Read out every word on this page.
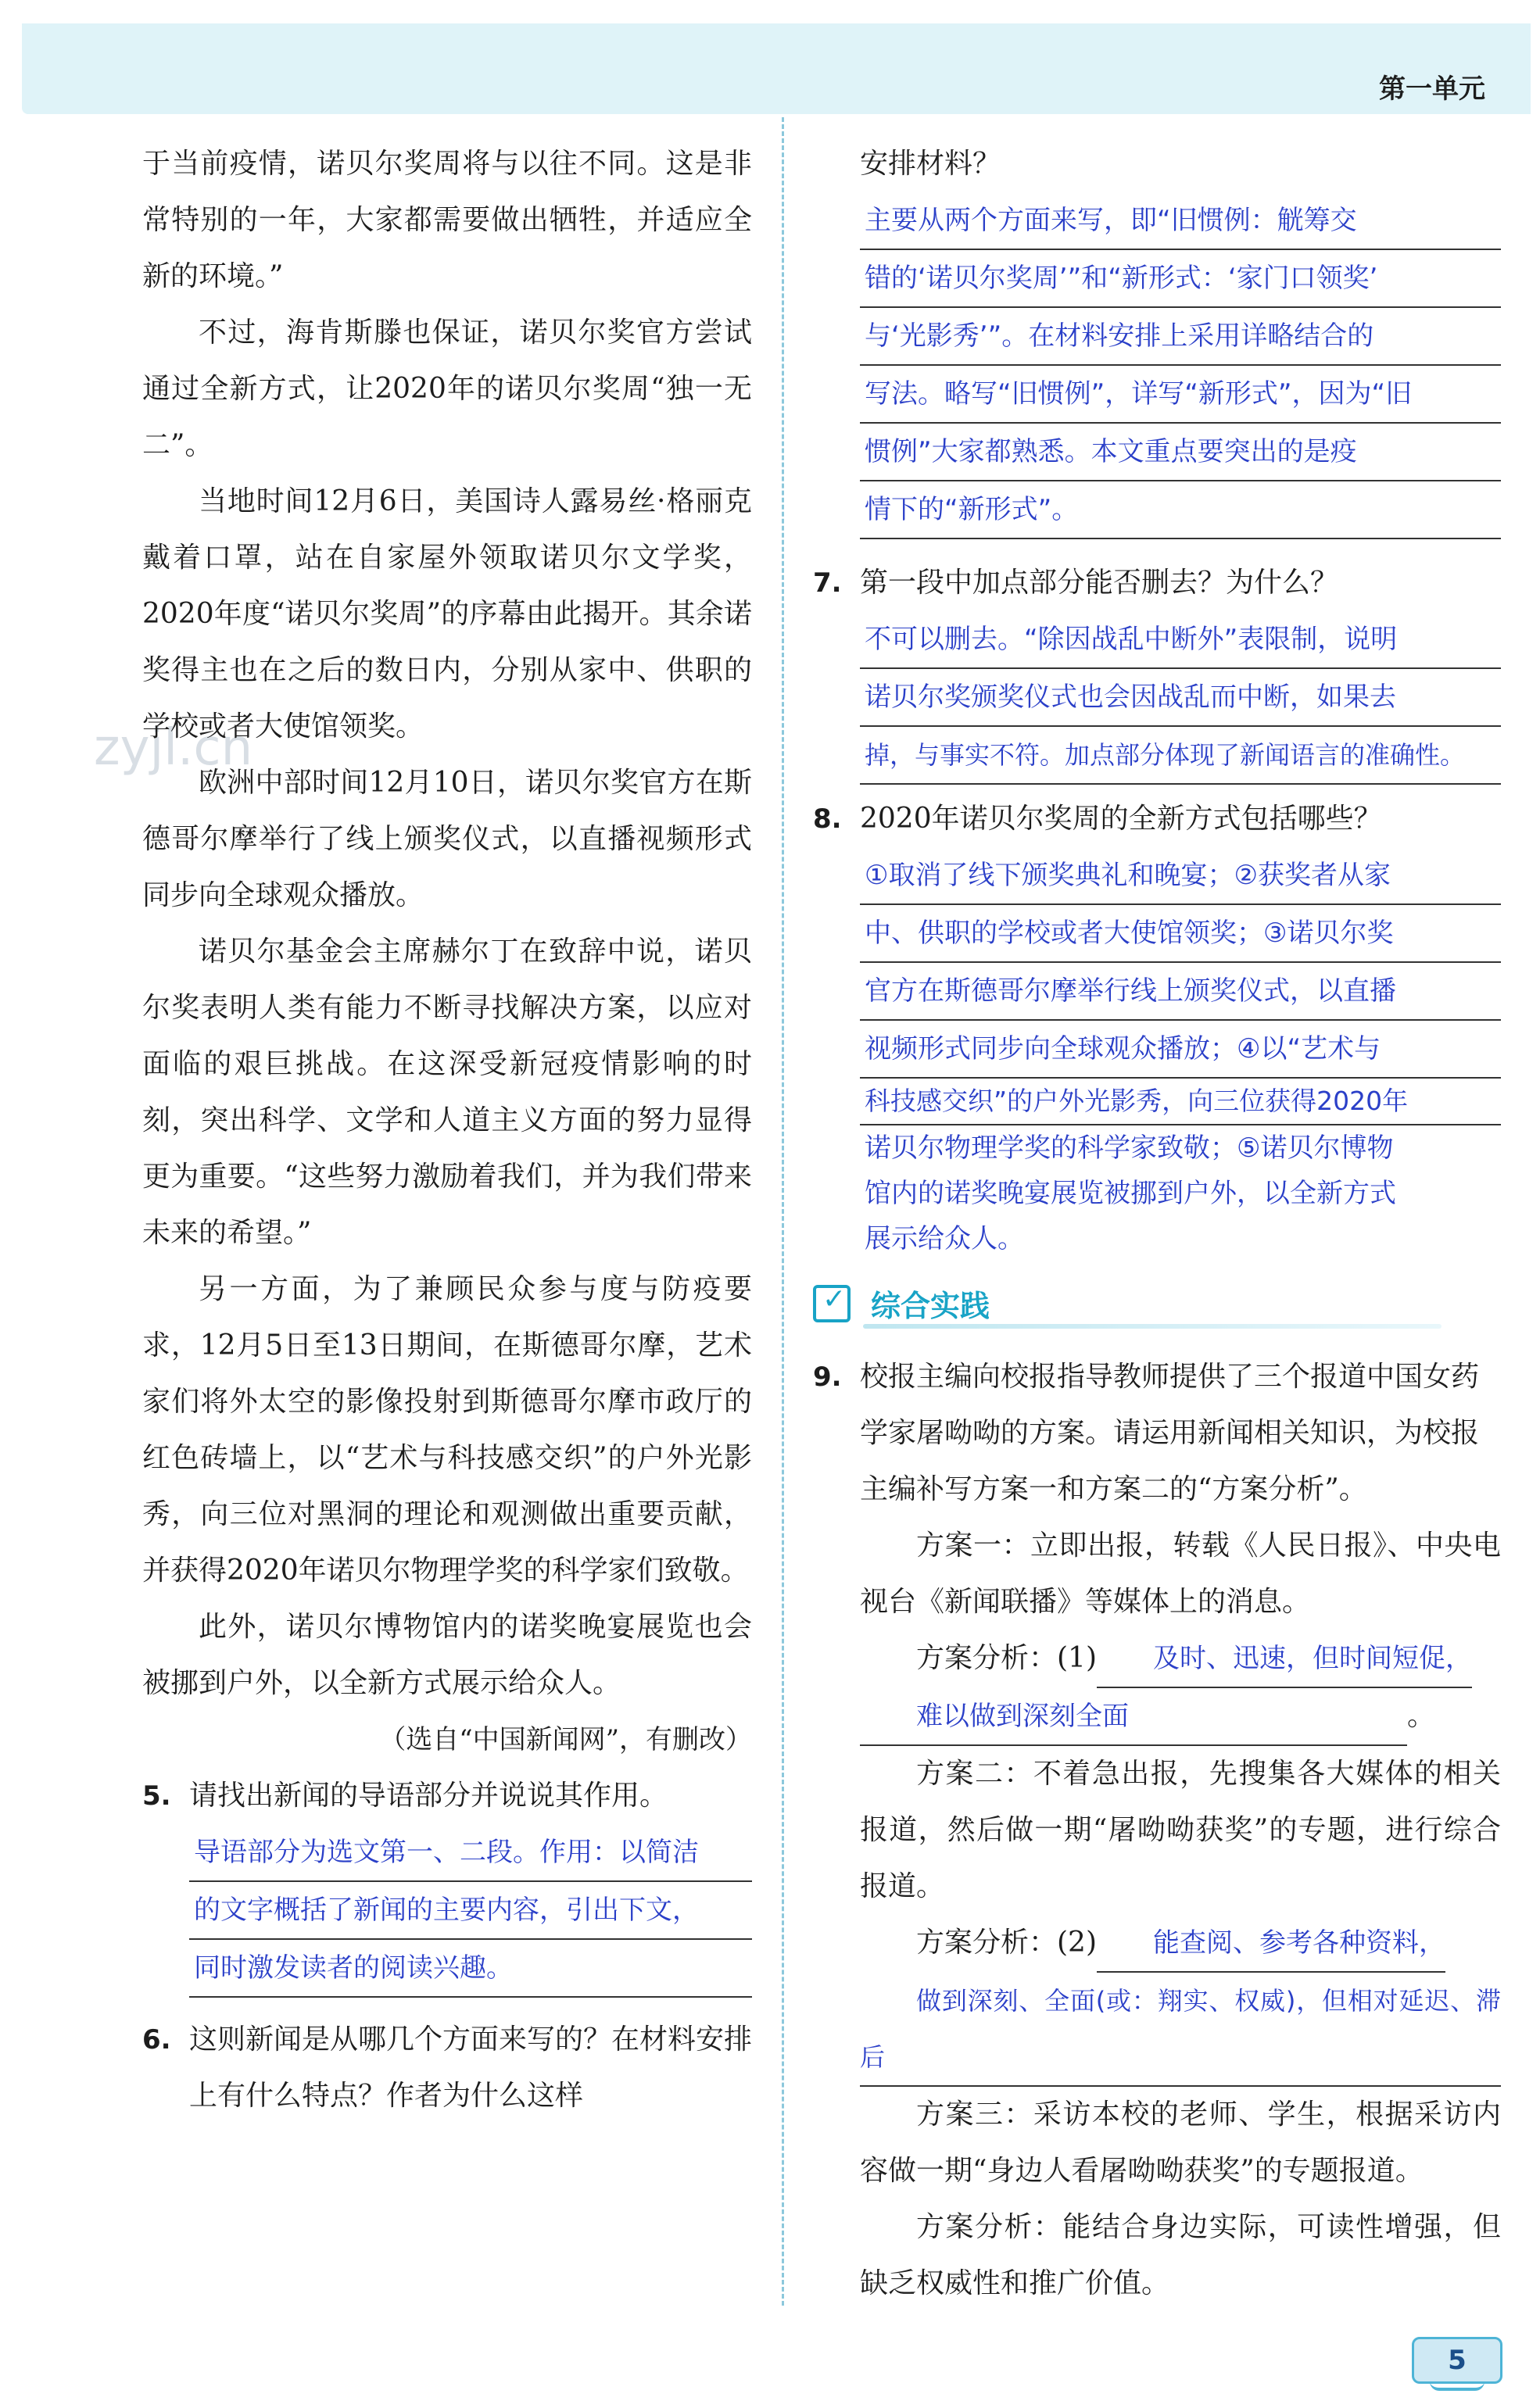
第一单元
zyjl.cn

于当前疫情，诺贝尔奖周将与以往不同。这是非常特别的一年，大家都需要做出牺牲，并适应全新的环境。”

不过，海肯斯滕也保证，诺贝尔奖官方尝试通过全新方式，让2020年的诺贝尔奖周“独一无二”。

当地时间12月6日，美国诗人露易丝·格丽克戴着口罩，站在自家屋外领取诺贝尔文学奖，2020年度“诺贝尔奖周”的序幕由此揭开。其余诺奖得主也在之后的数日内，分别从家中、供职的学校或者大使馆领奖。

欧洲中部时间12月10日，诺贝尔奖官方在斯德哥尔摩举行了线上颁奖仪式，以直播视频形式同步向全球观众播放。

诺贝尔基金会主席赫尔丁在致辞中说，诺贝尔奖表明人类有能力不断寻找解决方案，以应对面临的艰巨挑战。在这深受新冠疫情影响的时刻，突出科学、文学和人道主义方面的努力显得更为重要。“这些努力激励着我们，并为我们带来未来的希望。”

另一方面，为了兼顾民众参与度与防疫要求，12月5日至13日期间，在斯德哥尔摩，艺术家们将外太空的影像投射到斯德哥尔摩市政厅的红色砖墙上，以“艺术与科技感交织”的户外光影秀，向三位对黑洞的理论和观测做出重要贡献，并获得2020年诺贝尔物理学奖的科学家们致敬。

此外，诺贝尔博物馆内的诺奖晚宴展览也会被挪到户外，以全新方式展示给众人。

（选自“中国新闻网”，有删改）

5. 请找出新闻的导语部分并说说其作用。

导语部分为选文第一、二段。作用：以简洁
的文字概括了新闻的主要内容，引出下文，
同时激发读者的阅读兴趣。

6. 这则新闻是从哪几个方面来写的？在材料安排上有什么特点？作者为什么这样

安排材料？

主要从两个方面来写，即“旧惯例：觥筹交
错的‘诺贝尔奖周’”和“新形式：‘家门口领奖’
与‘光影秀’”。在材料安排上采用详略结合的
写法。略写“旧惯例”，详写“新形式”，因为“旧
惯例”大家都熟悉。本文重点要突出的是疫
情下的“新形式”。

7. 第一段中加点部分能否删去？为什么？

不可以删去。“除因战乱中断外”表限制，说明
诺贝尔奖颁奖仪式也会因战乱而中断，如果去
掉，与事实不符。加点部分体现了新闻语言的准确性。

8. 2020年诺贝尔奖周的全新方式包括哪些？

①取消了线下颁奖典礼和晚宴；②获奖者从家
中、供职的学校或者大使馆领奖；③诺贝尔奖
官方在斯德哥尔摩举行线上颁奖仪式，以直播
视频形式同步向全球观众播放；④以“艺术与
科技感交织”的户外光影秀，向三位获得2020年
诺贝尔物理学奖的科学家致敬；⑤诺贝尔博物
馆内的诺奖晚宴展览被挪到户外，以全新方式
展示给众人。
✓ 综合实践

9. 校报主编向校报指导教师提供了三个报道中国女药学家屠呦呦的方案。请运用新闻相关知识，为校报主编补写方案一和方案二的“方案分析”。

方案一：立即出报，转载《人民日报》、中央电视台《新闻联播》等媒体上的消息。

方案分析：(1) 及时、迅速，但时间短促，
难以做到深刻全面	。

方案二：不着急出报，先搜集各大媒体的相关报道，然后做一期“屠呦呦获奖”的专题，进行综合报道。

方案分析：(2) 能查阅、参考各种资料，
做到深刻、全面(或：翔实、权威)，但相对延迟、滞后

方案三：采访本校的老师、学生，根据采访内容做一期“身边人看屠呦呦获奖”的专题报道。

方案分析：能结合身边实际，可读性增强，但缺乏权威性和推广价值。

5
